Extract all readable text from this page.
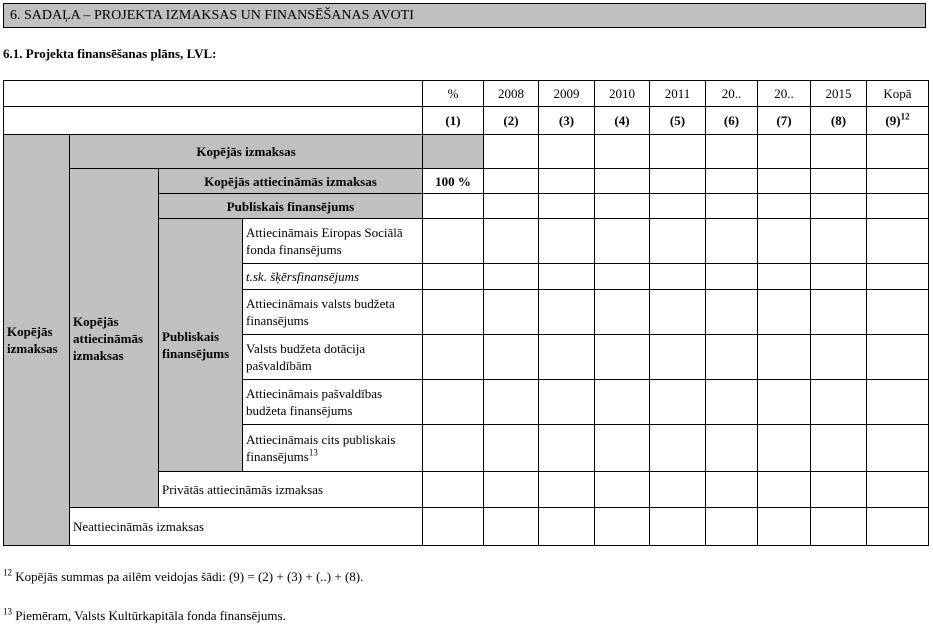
6. SADAĻA – PROJEKTA IZMAKSAS UN FINANSĒŠANAS AVOTI
6.1. Projekta finansēšanas plāns, LVL:
				%	2008	2009	2010	2011	20..	20..	2015	Kopā
				(1)	(2)	(3)	(4)	(5)	(6)	(7)	(8)	$(9)^{12}$
Kopējās izmaksas	Kopējās izmaksas											
	Kopējās attiecināmās izmaksas	Kopējās attiecināmās izmaksas		100 %								
		Publiskais finansējums										
		Publiskais finansējums	Attiecināmais Eiropas Sociālā fonda finansējums									
			t.sk. šķērsfinansējums									
			Attiecināmais valsts budžeta finansējums									
			Valsts budžeta dotācija pašvaldībām									
			Attiecināmais pašvaldības budžeta finansējums									
			Attiecināmais cits publiskais finansējums$^{13}$									
		Privātās attiecināmās izmaksas										
	Neattiecināmās izmaksas											
$^{12}$ Kopējās summas pa ailēm veidojas šādi: (9) = (2) + (3) + (..) + (8).
$^{13}$ Piemēram, Valsts Kultūrkapitāla fonda finansējums.
